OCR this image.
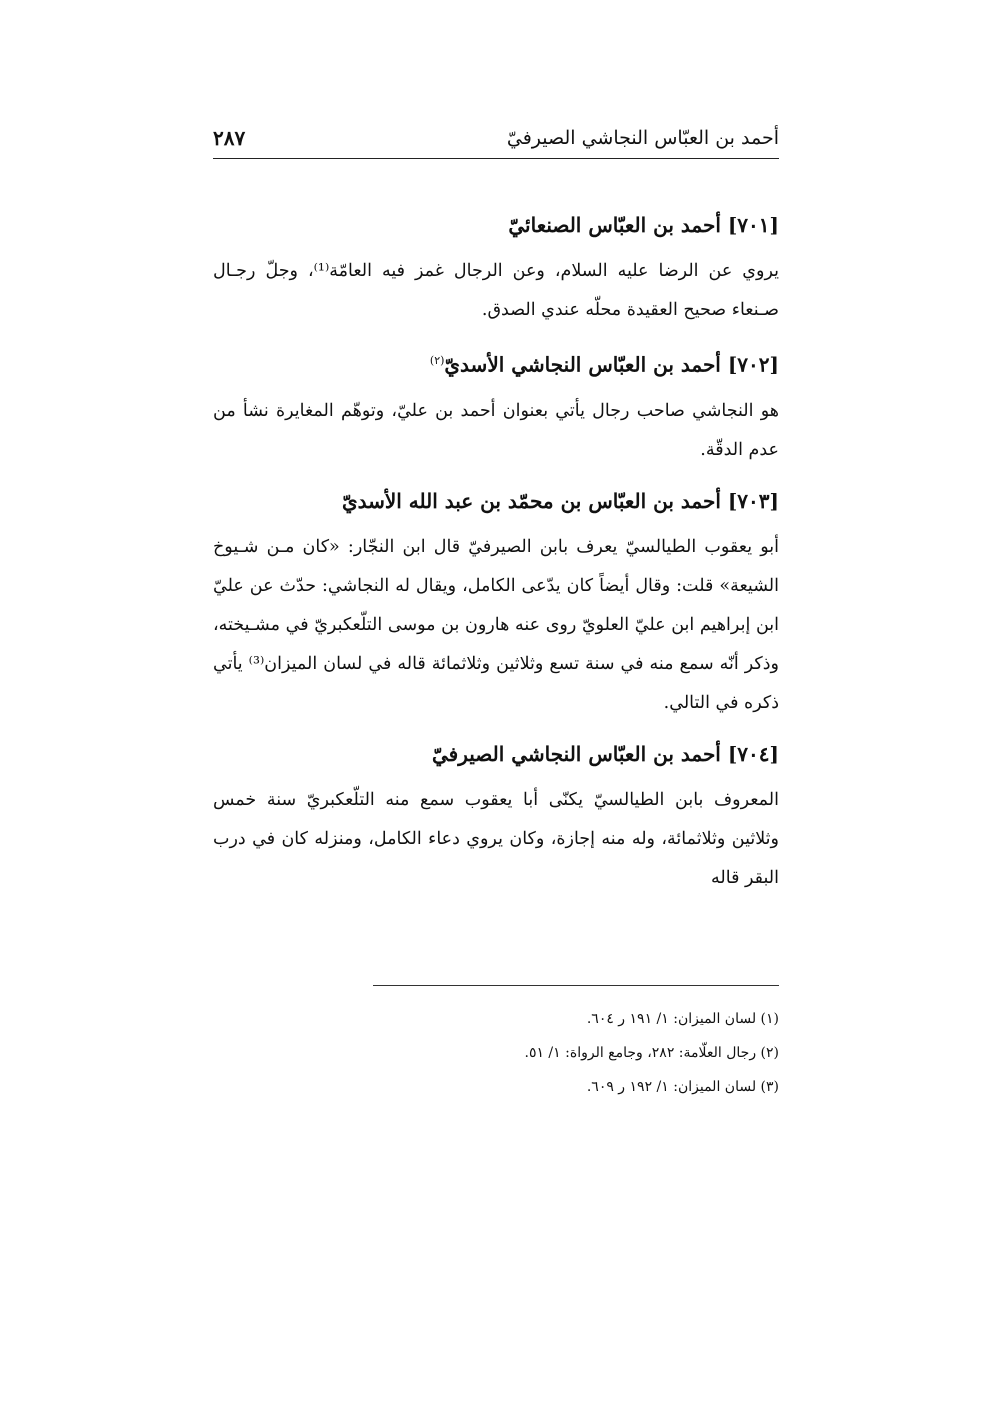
أحمد بن العبّاس النجاشي الصيرفيّ
٢٨٧
[٧٠١] أحمد بن العبّاس الصنعائيّ

يروي عن الرضا عليه السلام، وعن الرجال غمز فيه العامّة⁽¹⁾، وجلّ رجـال صـنعاء صحيح العقيدة محلّه عندي الصدق.

[٧٠٢] أحمد بن العبّاس النجاشي الأسديّ$^{(٢)}$

هو النجاشي صاحب رجال يأتي بعنوان أحمد بن عليّ، وتوهّم المغايرة نشأ من عدم الدقّة.

[٧٠٣] أحمد بن العبّاس بن محمّد بن عبد الله الأسديّ

أبو يعقوب الطيالسيّ يعرف بابن الصيرفيّ قال ابن النجّار: «كان مـن شـيوخ الشيعة» قلت: وقال أيضاً كان يدّعى الكامل، ويقال له النجاشي: حدّث عن عليّ ابن إبراهيم ابن عليّ العلويّ روى عنه هارون بن موسى التلّعكبريّ في مشـيخته، وذكر أنّه سمع منه في سنة تسع وثلاثين وثلاثمائة قاله في لسان الميزان⁽³⁾ يأتي ذكره في التالي.

[٧٠٤] أحمد بن العبّاس النجاشي الصيرفيّ

المعروف بابن الطيالسيّ يكنّى أبا يعقوب سمع منه التلّعكبريّ سنة خمس وثلاثين وثلاثمائة، وله منه إجازة، وكان يروي دعاء الكامل، ومنزله كان في درب البقر قاله

(١) لسان الميزان: ١/ ١٩١ ر ٦٠٤.
(٢) رجال العلّامة: ٢٨٢، وجامع الرواة: ١/ ٥١.
(٣) لسان الميزان: ١/ ١٩٢ ر ٦٠٩.
